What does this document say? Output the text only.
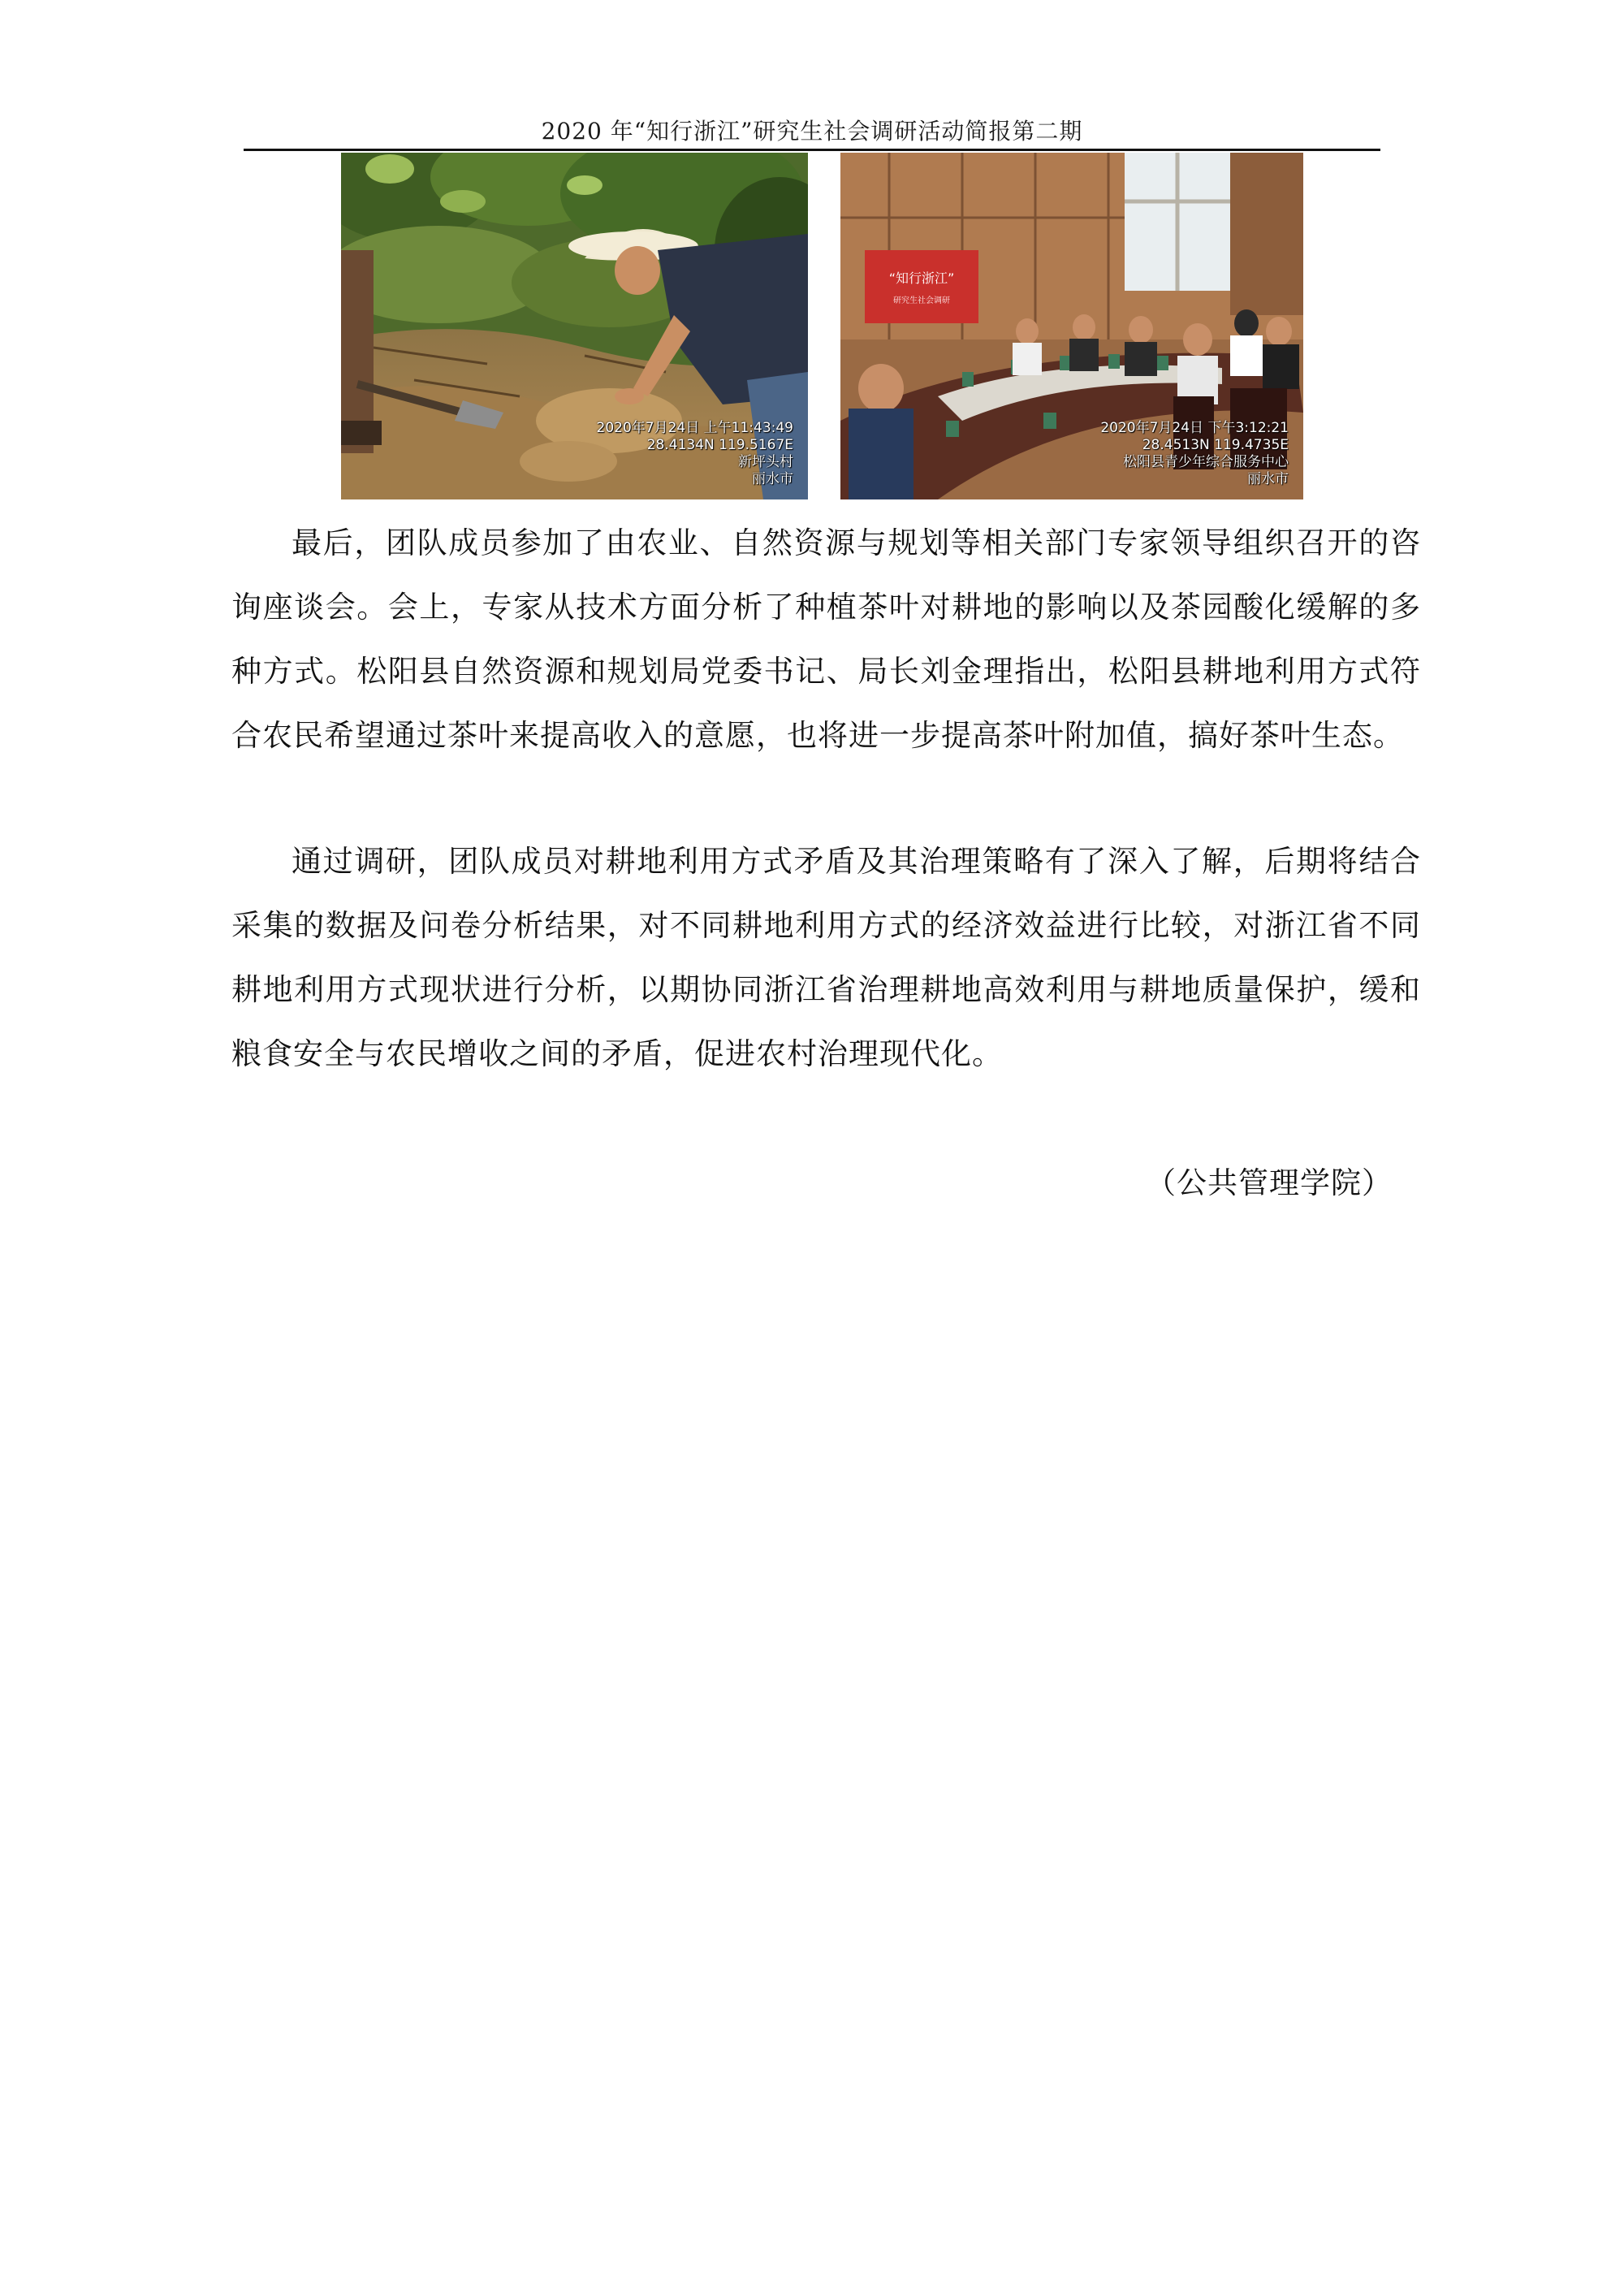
2020 年“知行浙江”研究生社会调研活动简报第二期
2020年7月24日 上午11:43:49
28.4134N 119.5167E
新坪头村
丽水市
“知行浙江”
研究生社会调研
2020年7月24日 下午3:12:21
28.4513N 119.4735E
松阳县青少年综合服务中心
丽水市

最后，团队成员参加了由农业、自然资源与规划等相关部门专家领导组织召开的咨询座谈会。会上，专家从技术方面分析了种植茶叶对耕地的影响以及茶园酸化缓解的多种方式。松阳县自然资源和规划局党委书记、局长刘金理指出，松阳县耕地利用方式符合农民希望通过茶叶来提高收入的意愿，也将进一步提高茶叶附加值，搞好茶叶生态。

通过调研，团队成员对耕地利用方式矛盾及其治理策略有了深入了解，后期将结合采集的数据及问卷分析结果，对不同耕地利用方式的经济效益进行比较，对浙江省不同耕地利用方式现状进行分析，以期协同浙江省治理耕地高效利用与耕地质量保护，缓和粮食安全与农民增收之间的矛盾，促进农村治理现代化。

（公共管理学院）
